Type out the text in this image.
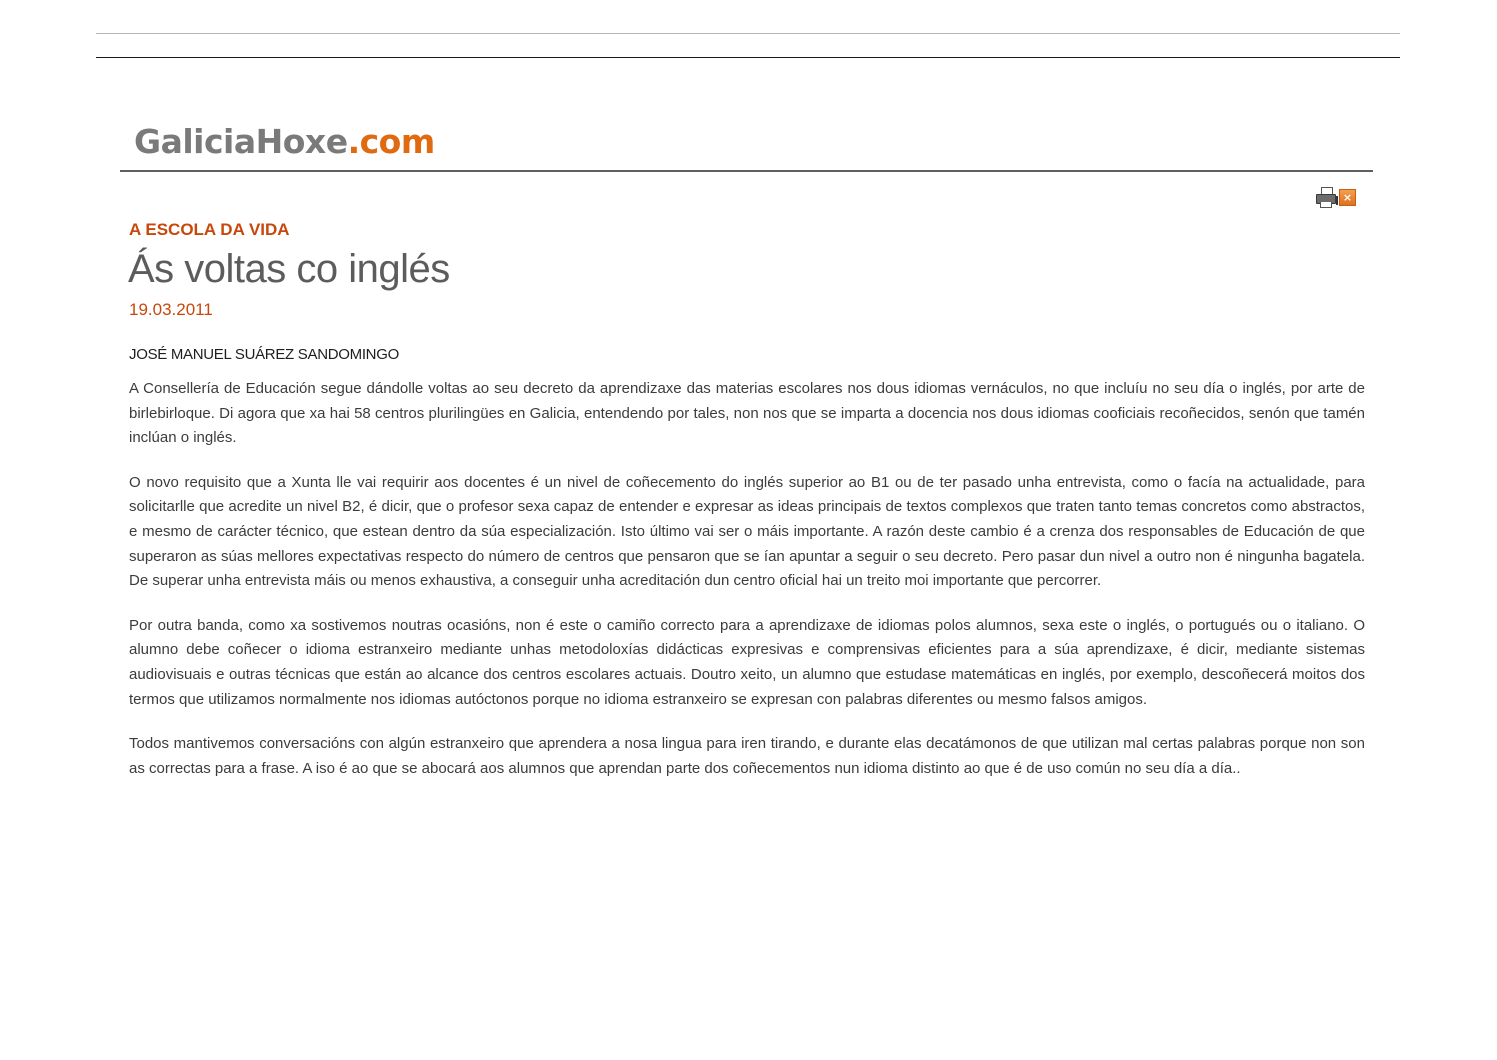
GaliciaHoxe.com
×
A ESCOLA DA VIDA
Ás voltas co inglés
19.03.2011
JOSÉ MANUEL SUÁREZ SANDOMINGO

A Consellería de Educación segue dándolle voltas ao seu decreto da aprendizaxe das materias escolares nos dous idiomas vernáculos, no que incluíu no seu día o inglés, por arte de birlebirloque. Di agora que xa hai 58 centros plurilingües en Galicia, entendendo por tales, non nos que se imparta a docencia nos dous idiomas cooficiais recoñecidos, senón que tamén inclúan o inglés.

O novo requisito que a Xunta lle vai requirir aos docentes é un nivel de coñecemento do inglés superior ao B1 ou de ter pasado unha entrevista, como o facía na actualidade, para solicitarlle que acredite un nivel B2, é dicir, que o profesor sexa capaz de entender e expresar as ideas principais de textos complexos que traten tanto temas concretos como abstractos, e mesmo de carácter técnico, que estean dentro da súa especialización. Isto último vai ser o máis importante. A razón deste cambio é a crenza dos responsables de Educación de que superaron as súas mellores expectativas respecto do número de centros que pensaron que se ían apuntar a seguir o seu decreto. Pero pasar dun nivel a outro non é ningunha bagatela. De superar unha entrevista máis ou menos exhaustiva, a conseguir unha acreditación dun centro oficial hai un treito moi importante que percorrer.

Por outra banda, como xa sostivemos noutras ocasións, non é este o camiño correcto para a aprendizaxe de idiomas polos alumnos, sexa este o inglés, o portugués ou o italiano. O alumno debe coñecer o idioma estranxeiro mediante unhas metodoloxías didácticas expresivas e comprensivas eficientes para a súa aprendizaxe, é dicir, mediante sistemas audiovisuais e outras técnicas que están ao alcance dos centros escolares actuais. Doutro xeito, un alumno que estudase matemáticas en inglés, por exemplo, descoñecerá moitos dos termos que utilizamos normalmente nos idiomas autóctonos porque no idioma estranxeiro se expresan con palabras diferentes ou mesmo falsos amigos.

Todos mantivemos conversacións con algún estranxeiro que aprendera a nosa lingua para iren tirando, e durante elas decatámonos de que utilizan mal certas palabras porque non son as correctas para a frase. A iso é ao que se abocará aos alumnos que aprendan parte dos coñecementos nun idioma distinto ao que é de uso común no seu día a día..
